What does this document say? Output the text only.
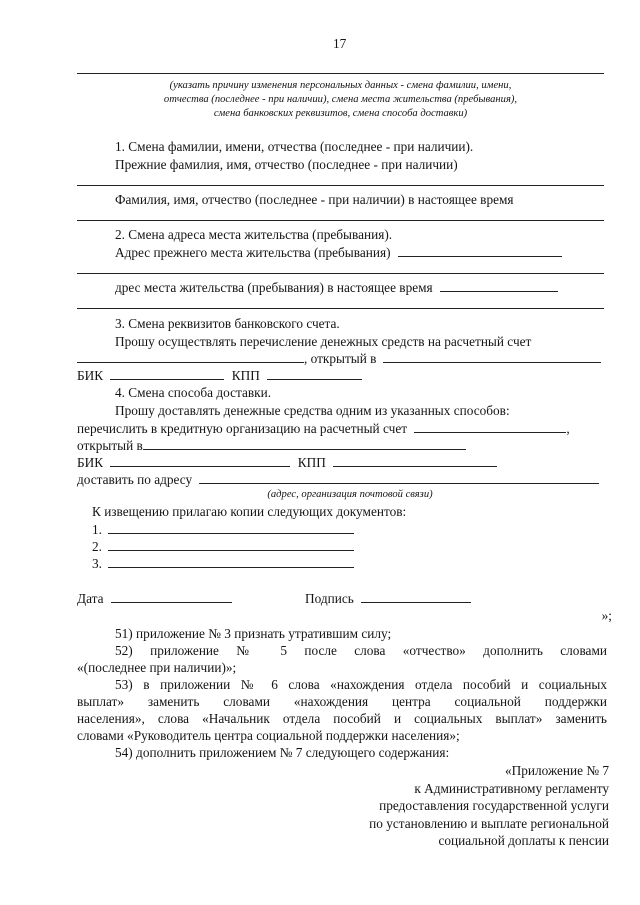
17
(указать причину изменения персональных данных - смена фамилии, имени,
отчества (последнее - при наличии), смена места жительства (пребывания),
смена банковских реквизитов, смена способа доставки)
1. Смена фамилии, имени, отчества (последнее - при наличии).
Прежние фамилия, имя, отчество (последнее - при наличии)
Фамилия, имя, отчество (последнее - при наличии) в настоящее время
2. Смена адреса места жительства (пребывания).
Адрес прежнего места жительства (пребывания)
дрес места жительства (пребывания) в настоящее время
3. Смена реквизитов банковского счета.
Прошу осуществлять перечисление денежных средств на расчетный счет
, открытый в
БИК	КПП
4. Смена способа доставки.
Прошу доставлять денежные средства одним из указанных способов:
перечислить в кредитную организацию на расчетный счет	,
открытый в
БИК	КПП
доставить по адресу
(адрес, организация почтовой связи)
К извещению прилагаю копии следующих документов:
1.
2.
3.
Дата	Подпись
»;
51) приложение № 3 признать утратившим силу;
52) приложение № 5 после слова «отчество» дополнить словами
«(последнее при наличии)»;
53) в приложении № 6 слова «нахождения отдела пособий и социальных
выплат» заменить словами «нахождения центра социальной поддержки
населения», слова «Начальник отдела пособий и социальных выплат» заменить
словами «Руководитель центра социальной поддержки населения»;
54) дополнить приложением № 7 следующего содержания:
«Приложение № 7
к Административному регламенту
предоставления государственной услуги
по установлению и выплате региональной
социальной доплаты к пенсии
